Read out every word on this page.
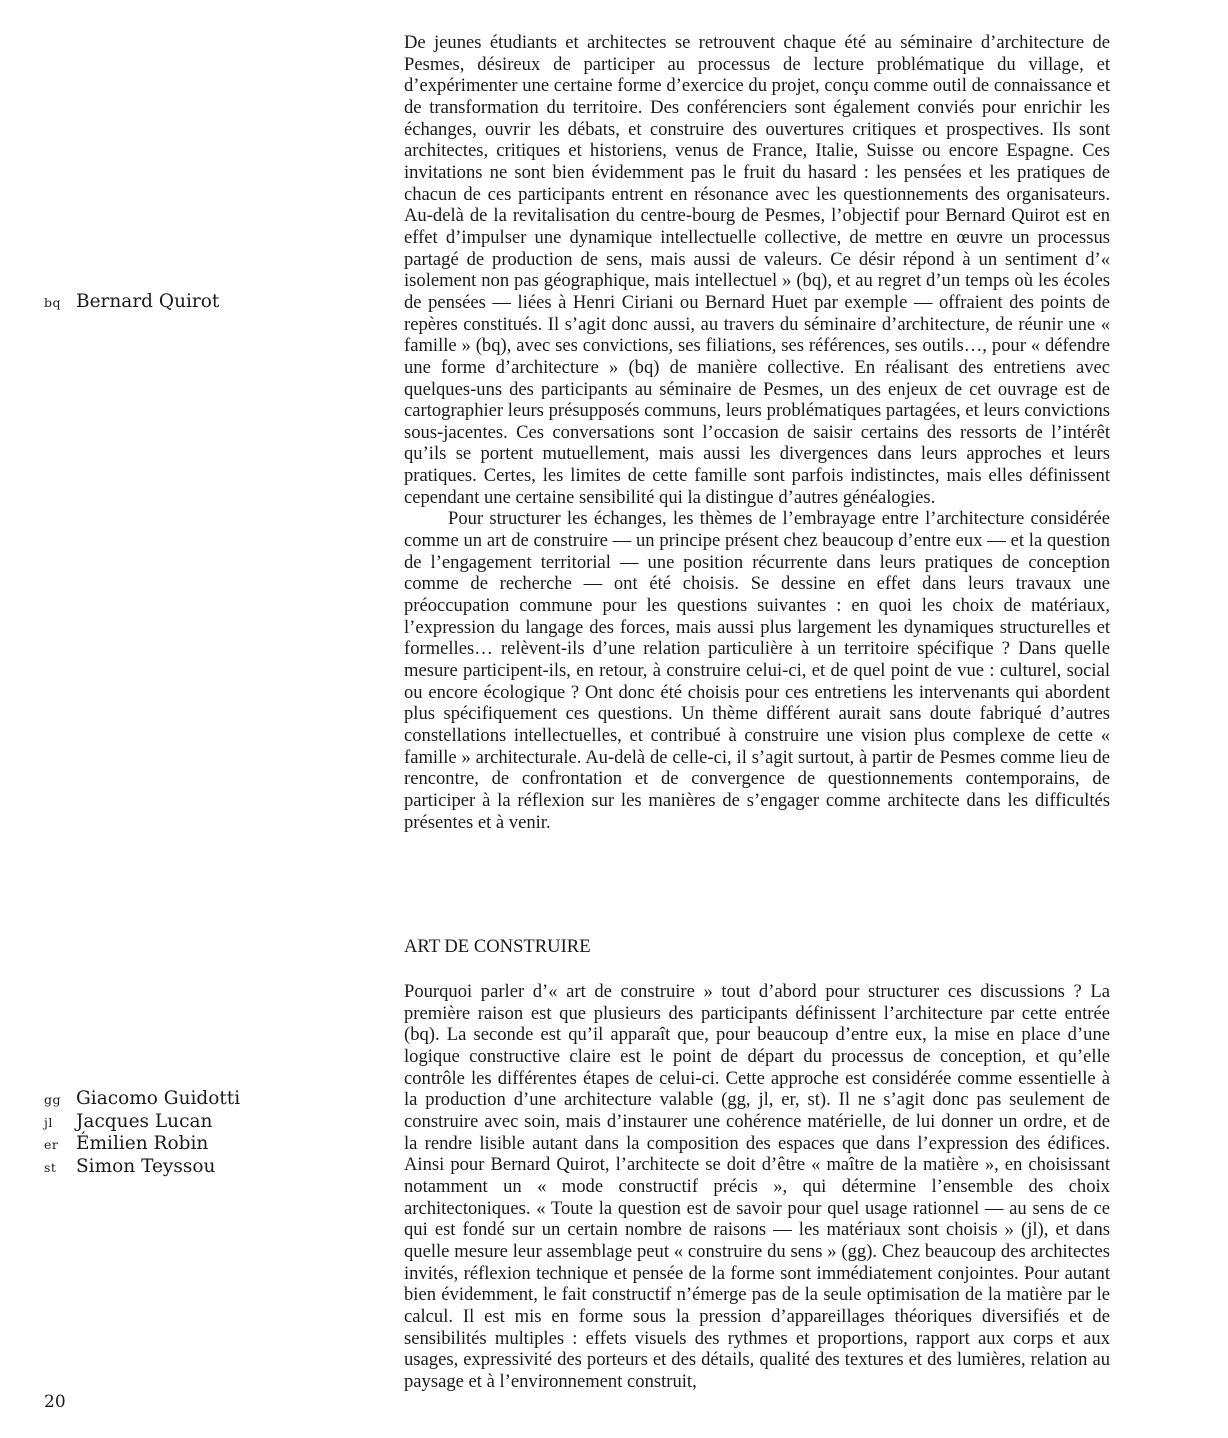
bq Bernard Quirot
gg Giacomo Guidotti
jl Jacques Lucan
er Émilien Robin
st Simon Teyssou

De jeunes étudiants et architectes se retrouvent chaque été au séminaire d’architecture de Pesmes, désireux de participer au processus de lecture problématique du village, et d’expérimenter une certaine forme d’exercice du projet, conçu comme outil de connaissance et de transformation du territoire. Des conférenciers sont également conviés pour enrichir les échanges, ouvrir les débats, et construire des ouvertures critiques et prospectives. Ils sont architectes, critiques et historiens, venus de France, Italie, Suisse ou encore Espagne. Ces invitations ne sont bien évidemment pas le fruit du hasard : les pensées et les pratiques de chacun de ces participants entrent en résonance avec les questionnements des organisateurs. Au-delà de la revitalisation du centre-bourg de Pesmes, l’objectif pour Bernard Quirot est en effet d’impulser une dynamique intellectuelle collective, de mettre en œuvre un processus partagé de production de sens, mais aussi de valeurs. Ce désir répond à un sentiment d’« isolement non pas géographique, mais intellectuel » (bq), et au regret d’un temps où les écoles de pensées — liées à Henri Ciriani ou Bernard Huet par exemple — offraient des points de repères constitués. Il s’agit donc aussi, au travers du séminaire d’architecture, de réunir une « famille » (bq), avec ses convictions, ses filiations, ses références, ses outils…, pour « défendre une forme d’architecture » (bq) de manière collective. En réalisant des entretiens avec quelques-uns des participants au séminaire de Pesmes, un des enjeux de cet ouvrage est de cartographier leurs présupposés communs, leurs problématiques partagées, et leurs convictions sous-jacentes. Ces conversations sont l’occasion de saisir certains des ressorts de l’intérêt qu’ils se portent mutuellement, mais aussi les divergences dans leurs approches et leurs pratiques. Certes, les limites de cette famille sont parfois indistinctes, mais elles définissent cependant une certaine sensibilité qui la distingue d’autres généalogies.

Pour structurer les échanges, les thèmes de l’embrayage entre l’architecture considérée comme un art de construire — un principe présent chez beaucoup d’entre eux — et la question de l’engagement territorial — une position récurrente dans leurs pratiques de conception comme de recherche — ont été choisis. Se dessine en effet dans leurs travaux une préoccupation commune pour les questions suivantes : en quoi les choix de matériaux, l’expression du langage des forces, mais aussi plus largement les dynamiques structurelles et formelles… relèvent-ils d’une relation particulière à un territoire spécifique ? Dans quelle mesure participent-ils, en retour, à construire celui-ci, et de quel point de vue : culturel, social ou encore écologique ? Ont donc été choisis pour ces entretiens les intervenants qui abordent plus spécifiquement ces questions. Un thème différent aurait sans doute fabriqué d’autres constellations intellectuelles, et contribué à construire une vision plus complexe de cette « famille » architecturale. Au-delà de celle-ci, il s’agit surtout, à partir de Pesmes comme lieu de rencontre, de confrontation et de convergence de questionnements contemporains, de participer à la réflexion sur les manières de s’engager comme architecte dans les difficultés présentes et à venir.

ART DE CONSTRUIRE

Pourquoi parler d’« art de construire » tout d’abord pour structurer ces discussions ? La première raison est que plusieurs des participants définissent l’architecture par cette entrée (bq). La seconde est qu’il apparaît que, pour beaucoup d’entre eux, la mise en place d’une logique constructive claire est le point de départ du processus de conception, et qu’elle contrôle les différentes étapes de celui-ci. Cette approche est considérée comme essentielle à la production d’une architecture valable (gg, jl, er, st). Il ne s’agit donc pas seulement de construire avec soin, mais d’instaurer une cohérence matérielle, de lui donner un ordre, et de la rendre lisible autant dans la composition des espaces que dans l’expression des édifices. Ainsi pour Bernard Quirot, l’architecte se doit d’être « maître de la matière », en choisissant notamment un « mode constructif précis », qui détermine l’ensemble des choix architectoniques. « Toute la question est de savoir pour quel usage rationnel — au sens de ce qui est fondé sur un certain nombre de raisons — les matériaux sont choisis » (jl), et dans quelle mesure leur assemblage peut « construire du sens » (gg). Chez beaucoup des architectes invités, réflexion technique et pensée de la forme sont immédiatement conjointes. Pour autant bien évidemment, le fait constructif n’émerge pas de la seule optimisation de la matière par le calcul. Il est mis en forme sous la pression d’appareillages théoriques diversifiés et de sensibilités multiples : effets visuels des rythmes et proportions, rapport aux corps et aux usages, expressivité des porteurs et des détails, qualité des textures et des lumières, relation au paysage et à l’environnement construit,

20
